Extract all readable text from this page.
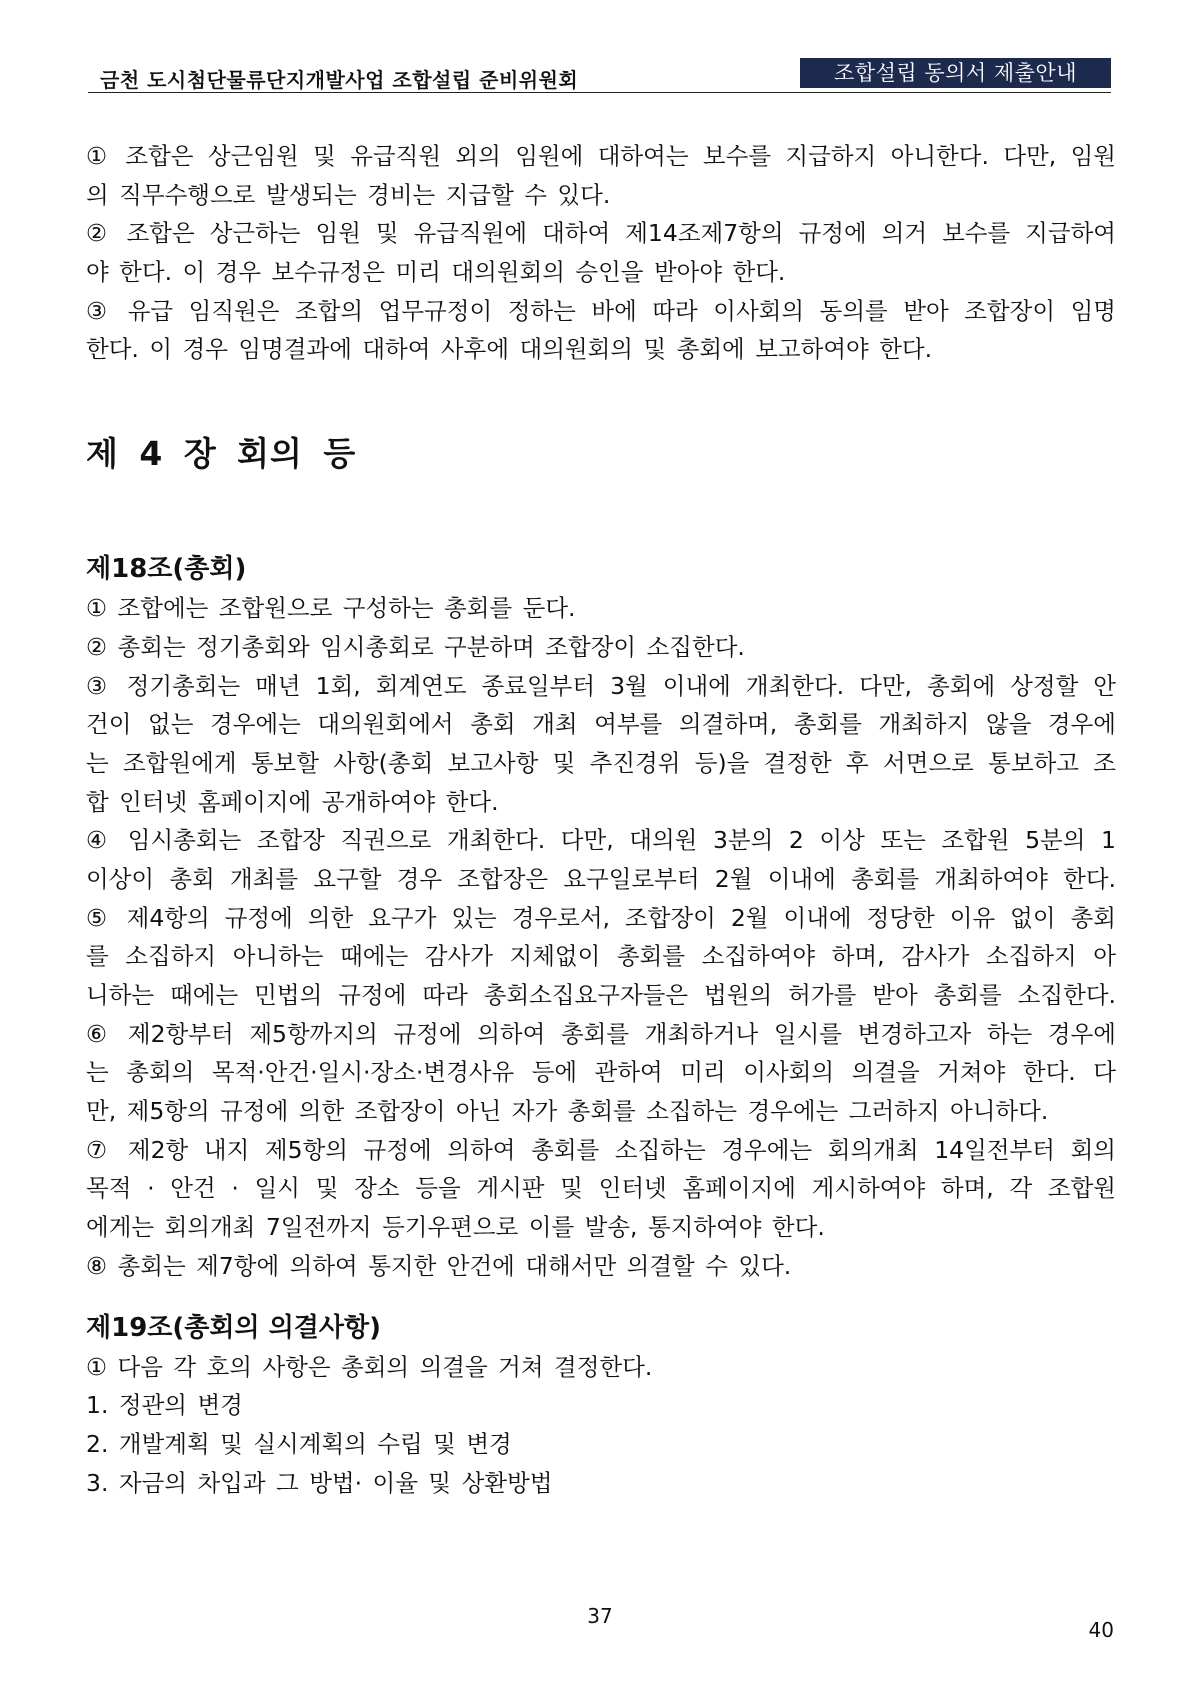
금천 도시첨단물류단지개발사업 조합설립 준비위원회	조합설립 동의서 제출안내
① 조합은 상근임원 및 유급직원 외의 임원에 대하여는 보수를 지급하지 아니한다. 다만, 임원
의 직무수행으로 발생되는 경비는 지급할 수 있다.
② 조합은 상근하는 임원 및 유급직원에 대하여 제14조제7항의 규정에 의거 보수를 지급하여
야 한다. 이 경우 보수규정은 미리 대의원회의 승인을 받아야 한다.
③ 유급 임직원은 조합의 업무규정이 정하는 바에 따라 이사회의 동의를 받아 조합장이 임명
한다. 이 경우 임명결과에 대하여 사후에 대의원회의 및 총회에 보고하여야 한다.
제 4 장 회의 등
제18조(총회)
① 조합에는 조합원으로 구성하는 총회를 둔다.
② 총회는 정기총회와 임시총회로 구분하며 조합장이 소집한다.
③ 정기총회는 매년 1회, 회계연도 종료일부터 3월 이내에 개최한다. 다만, 총회에 상정할 안
건이 없는 경우에는 대의원회에서 총회 개최 여부를 의결하며, 총회를 개최하지 않을 경우에
는 조합원에게 통보할 사항(총회 보고사항 및 추진경위 등)을 결정한 후 서면으로 통보하고 조
합 인터넷 홈페이지에 공개하여야 한다.
④ 임시총회는 조합장 직권으로 개최한다. 다만, 대의원 3분의 2 이상 또는 조합원 5분의 1
이상이 총회 개최를 요구할 경우 조합장은 요구일로부터 2월 이내에 총회를 개최하여야 한다.
⑤ 제4항의 규정에 의한 요구가 있는 경우로서, 조합장이 2월 이내에 정당한 이유 없이 총회
를 소집하지 아니하는 때에는 감사가 지체없이 총회를 소집하여야 하며, 감사가 소집하지 아
니하는 때에는 민법의 규정에 따라 총회소집요구자들은 법원의 허가를 받아 총회를 소집한다.
⑥ 제2항부터 제5항까지의 규정에 의하여 총회를 개최하거나 일시를 변경하고자 하는 경우에
는 총회의 목적·안건·일시·장소·변경사유 등에 관하여 미리 이사회의 의결을 거쳐야 한다. 다
만, 제5항의 규정에 의한 조합장이 아닌 자가 총회를 소집하는 경우에는 그러하지 아니하다.
⑦ 제2항 내지 제5항의 규정에 의하여 총회를 소집하는 경우에는 회의개최 14일전부터 회의
목적 · 안건 · 일시 및 장소 등을 게시판 및 인터넷 홈페이지에 게시하여야 하며, 각 조합원
에게는 회의개최 7일전까지 등기우편으로 이를 발송, 통지하여야 한다.
⑧ 총회는 제7항에 의하여 통지한 안건에 대해서만 의결할 수 있다.
제19조(총회의 의결사항)
① 다음 각 호의 사항은 총회의 의결을 거쳐 결정한다.
1. 정관의 변경
2. 개발계획 및 실시계획의 수립 및 변경
3. 자금의 차입과 그 방법· 이율 및 상환방법
37
40
